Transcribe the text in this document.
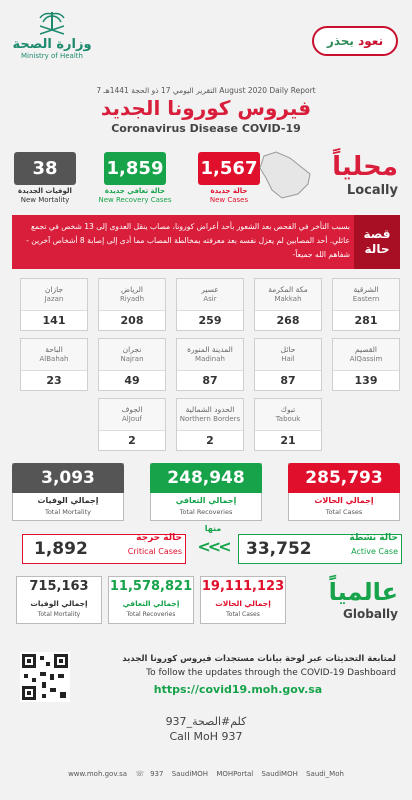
وزارة الصحة
Ministry of Health
نعود بحذر
التقرير اليومي 17 ذو الحجة 1441هـ 7 August 2020 Daily Report
فيروس كورونا الجديد
Coronavirus Disease COVID-19
1,567
حالة جديدة
New Cases
1,859
حالة تعافي جديدة
New Recovery Cases
38
الوفيات الجديدة
New Mortality
محلياً
Locally
بسبب التأخر في الفحص بعد الشعور بأحد أعراض كورونا، مصاب ينقل العدوى إلى 13 شخص في تجمع عائلي. أحد المصابين لم يعزل نفسه بعد معرفته بمخالطة المصاب مما أدى إلى إصابة 8 أشخاص آخرين - شفاهم الله جميعاً-
قصة
حالة
الشرقية
Eastern
281
مكة المكرمة
Makkah
268
عسير
Asir
259
الرياض
Riyadh
208
جازان
Jazan
141
القصيم
AlQassim
139
حائل
Hail
87
المدينة المنورة
Madinah
87
نجران
Najran
49
الباحة
AlBahah
23
تبوك
Tabouk
21
الحدود الشمالية
Northern Borders
2
الجوف
AlJouf
2
285,793
إجمالي الحالات
Total Cases
248,948
إجمالي التعافي
Total Recoveries
3,093
إجمالي الوفيات
Total Mortality
33,752
حالة نشطة
Active Case
منها
<<<
1,892
حالة حرجة
Critical Cases
19,111,123
إجمالي الحالات
Total Cases
11,578,821
إجمالي التعافي
Total Recoveries
715,163
إجمالي الوفيات
Total Mortality
عالمياً
Globally
لمتابعة التحديثات عبر لوحة بيانات مستجدات فيروس كورونا الجديد
To follow the updates through the COVID-19 Dashboard
https://covid19.moh.gov.sa
كلم#الصحة_937
Call MoH 937
www.moh.gov.sa ☏ 937 SaudiMOH MOHPortal SaudiMOH Saudi_Moh
